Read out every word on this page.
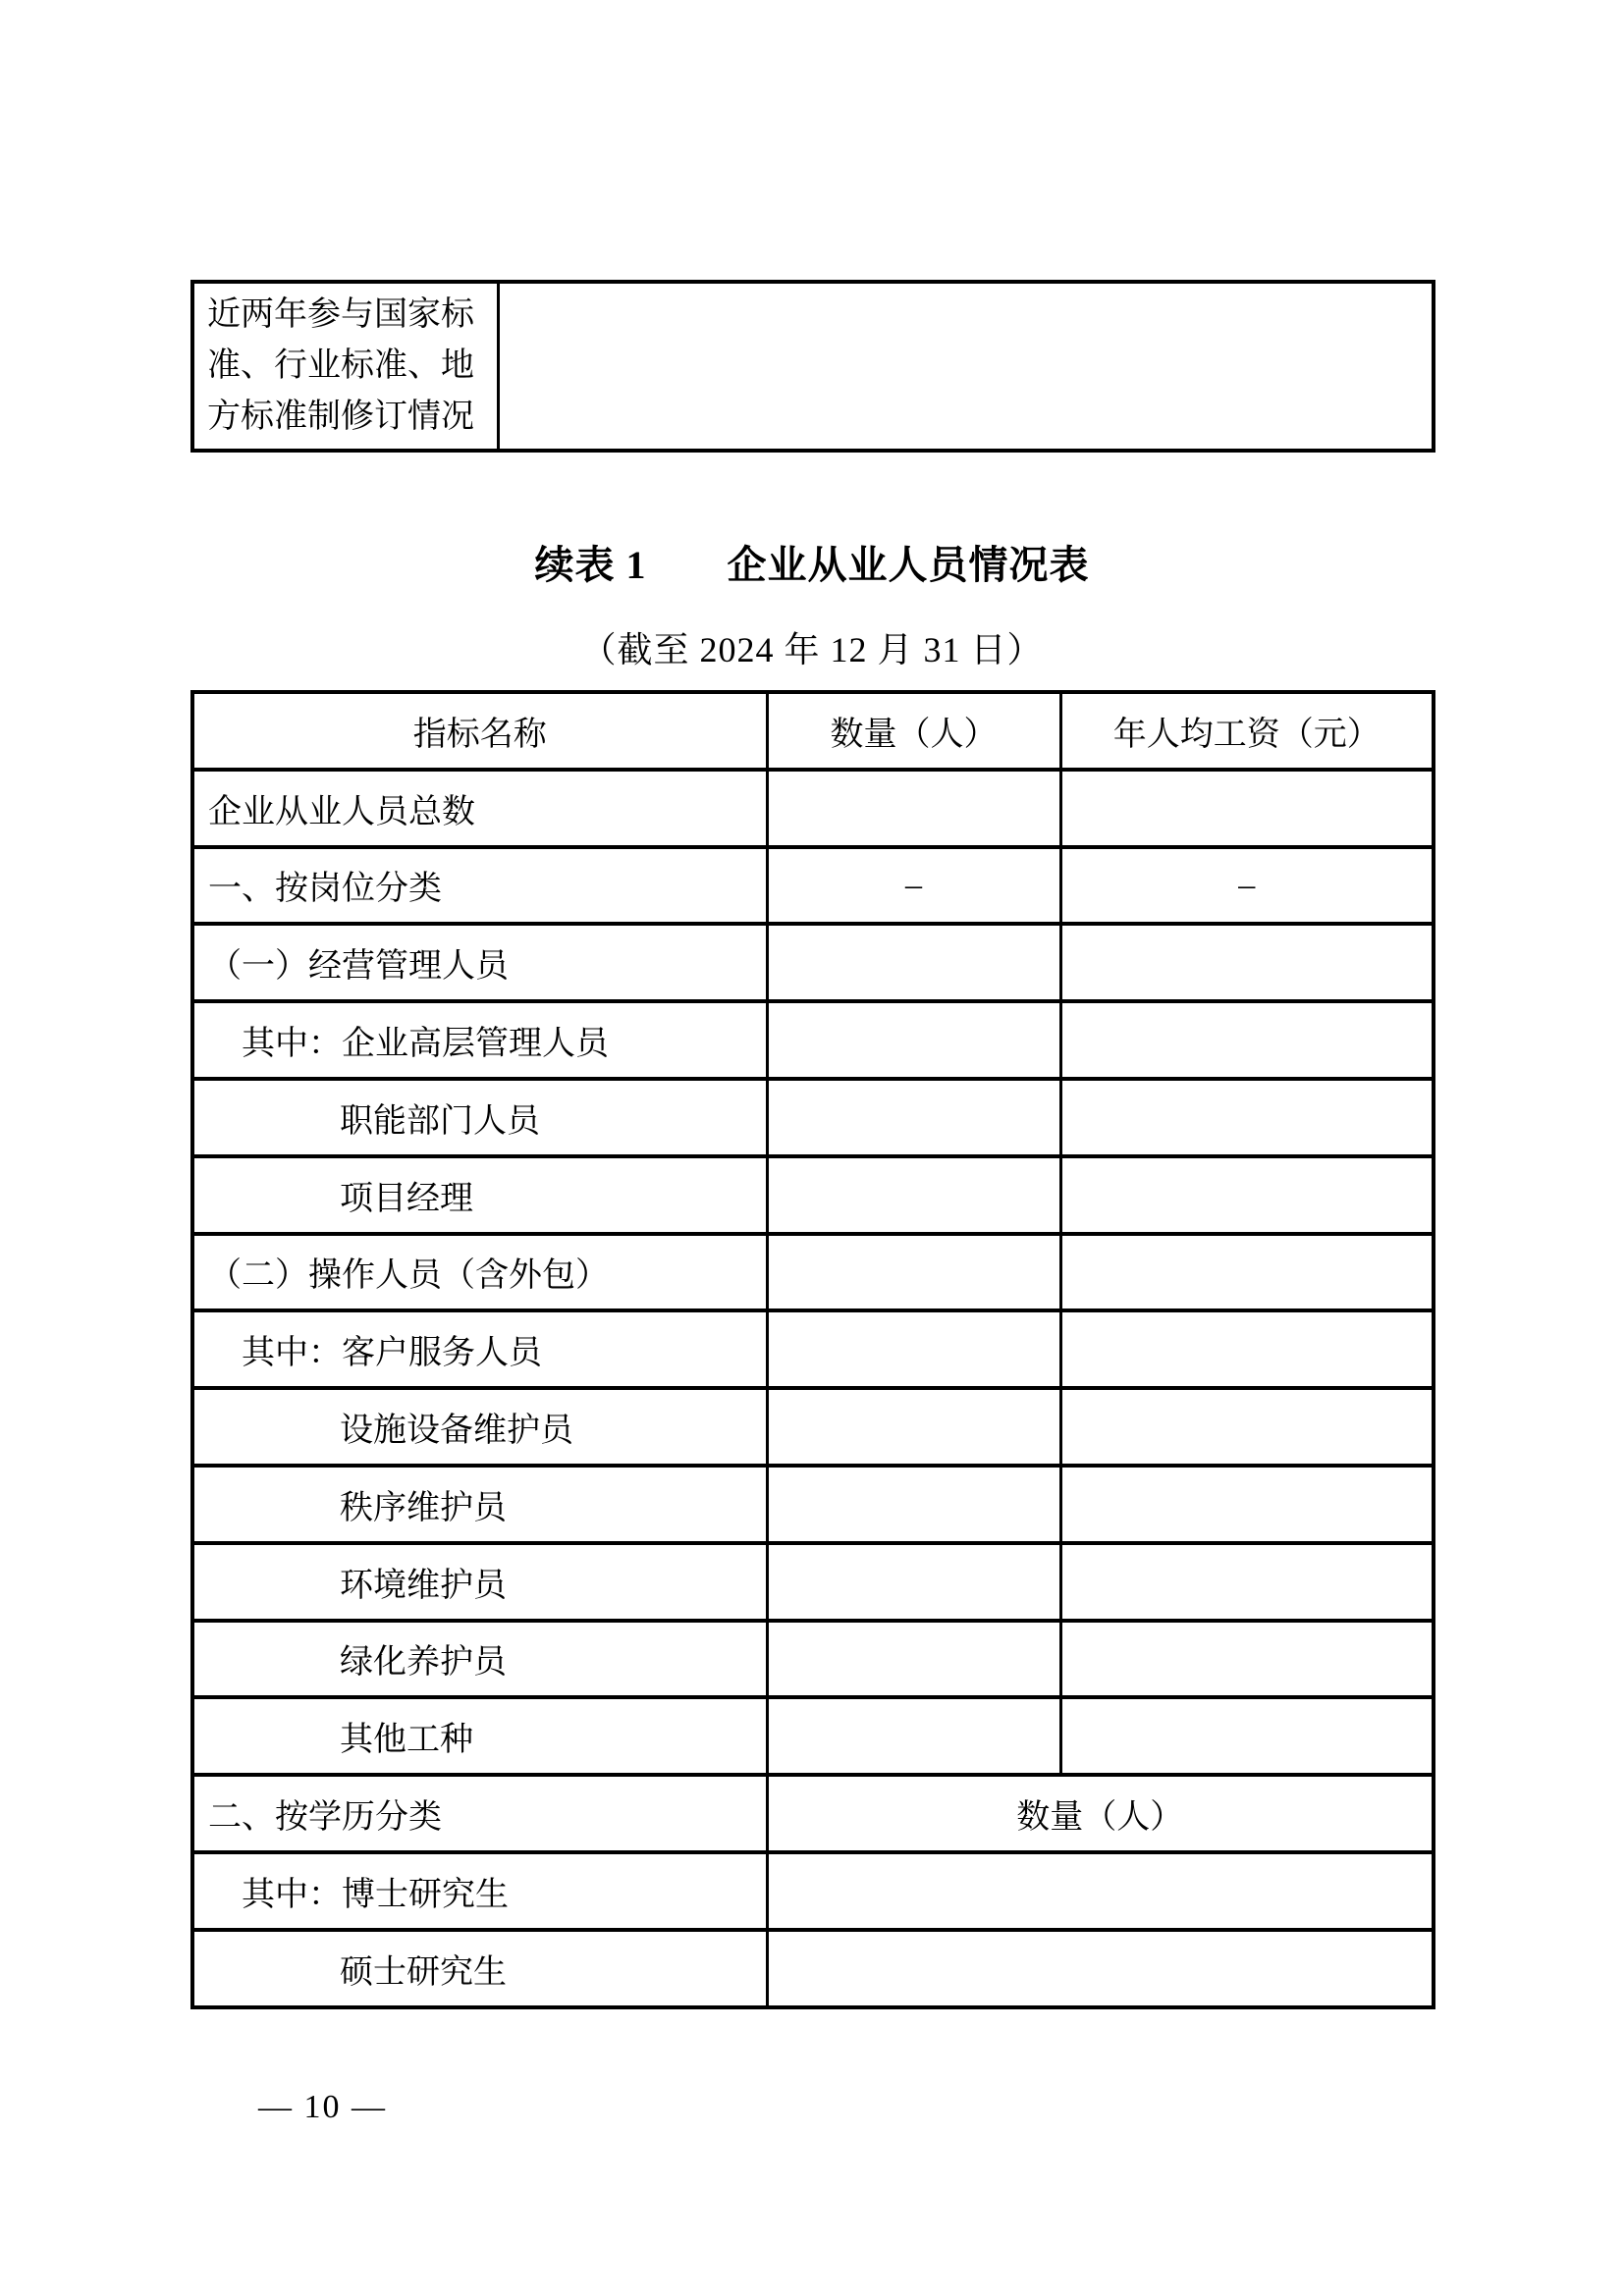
近两年参与国家标准、行业标准、地方标准制修订情况	
续表 1　　企业从业人员情况表
（截至 2024 年 12 月 31 日）
指标名称	数量（人）	年人均工资（元）
企业从业人员总数		
一、按岗位分类	–	–
（一）经营管理人员		
其中：企业高层管理人员		
职能部门人员		
项目经理		
（二）操作人员（含外包）		
其中：客户服务人员		
设施设备维护员		
秩序维护员		
环境维护员		
绿化养护员		
其他工种		
二、按学历分类	数量（人）	
其中：博士研究生		
硕士研究生		
— 10 —
